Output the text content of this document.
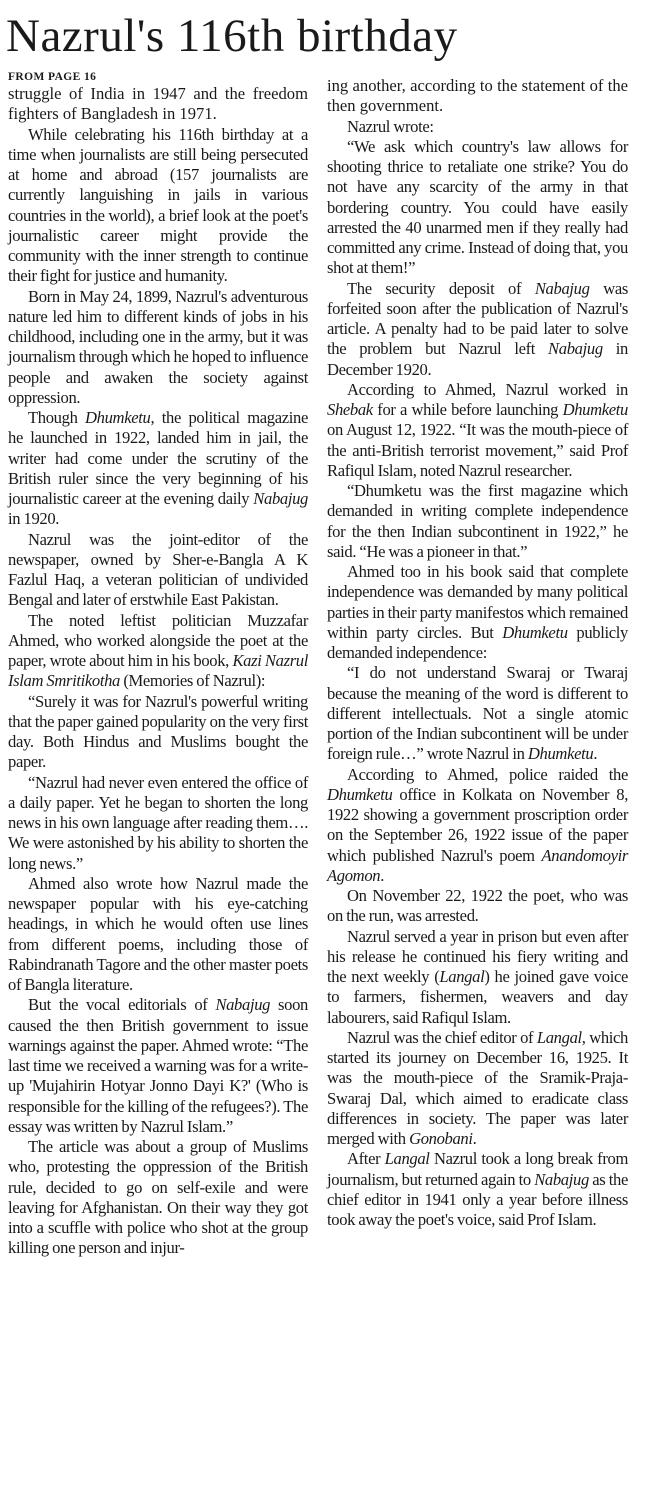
Nazrul's 116th birthday
FROM PAGE 16

struggle of India in 1947 and the freedom fighters of Bangladesh in 1971.

While celebrating his 116th birthday at a time when journalists are still being persecuted at home and abroad (157 journalists are currently languishing in jails in various countries in the world), a brief look at the poet's journalistic career might provide the community with the inner strength to continue their fight for justice and humanity.

Born in May 24, 1899, Nazrul's adventurous nature led him to different kinds of jobs in his childhood, including one in the army, but it was journalism through which he hoped to influence people and awaken the society against oppression.

Though Dhumketu, the political magazine he launched in 1922, landed him in jail, the writer had come under the scrutiny of the British ruler since the very beginning of his journalistic career at the evening daily Nabajug in 1920.

Nazrul was the joint-editor of the newspaper, owned by Sher-e-Bangla A K Fazlul Haq, a veteran politician of undivided Bengal and later of erstwhile East Pakistan.

The noted leftist politician Muzzafar Ahmed, who worked alongside the poet at the paper, wrote about him in his book, Kazi Nazrul Islam Smritikotha (Memories of Nazrul):

“Surely it was for Nazrul's powerful writing that the paper gained popularity on the very first day. Both Hindus and Muslims bought the paper.

“Nazrul had never even entered the office of a daily paper. Yet he began to shorten the long news in his own language after reading them…. We were astonished by his ability to shorten the long news.”

Ahmed also wrote how Nazrul made the newspaper popular with his eye-catching headings, in which he would often use lines from different poems, including those of Rabindranath Tagore and the other master poets of Bangla literature.

But the vocal editorials of Nabajug soon caused the then British government to issue warnings against the paper. Ahmed wrote: “The last time we received a warning was for a write-up 'Mujahirin Hotyar Jonno Dayi K?' (Who is responsible for the killing of the refugees?). The essay was written by Nazrul Islam.”

The article was about a group of Muslims who, protesting the oppression of the British rule, decided to go on self-exile and were leaving for Afghanistan. On their way they got into a scuffle with police who shot at the group killing one person and injur-

ing another, according to the statement of the then government.

Nazrul wrote:

“We ask which country's law allows for shooting thrice to retaliate one strike? You do not have any scarcity of the army in that bordering country. You could have easily arrested the 40 unarmed men if they really had committed any crime. Instead of doing that, you shot at them!”

The security deposit of Nabajug was forfeited soon after the publication of Nazrul's article. A penalty had to be paid later to solve the problem but Nazrul left Nabajug in December 1920.

According to Ahmed, Nazrul worked in Shebak for a while before launching Dhumketu on August 12, 1922. “It was the mouth-piece of the anti-British terrorist movement,” said Prof Rafiqul Islam, noted Nazrul researcher.

“Dhumketu was the first magazine which demanded in writing complete independence for the then Indian subcontinent in 1922,” he said. “He was a pioneer in that.”

Ahmed too in his book said that complete independence was demanded by many political parties in their party manifestos which remained within party circles. But Dhumketu publicly demanded independence:

“I do not understand Swaraj or Twaraj because the meaning of the word is different to different intellectuals. Not a single atomic portion of the Indian subcontinent will be under foreign rule…” wrote Nazrul in Dhumketu.

According to Ahmed, police raided the Dhumketu office in Kolkata on November 8, 1922 showing a government proscription order on the September 26, 1922 issue of the paper which published Nazrul's poem Anandomoyir Agomon.

On November 22, 1922 the poet, who was on the run, was arrested.

Nazrul served a year in prison but even after his release he continued his fiery writing and the next weekly (Langal) he joined gave voice to farmers, fishermen, weavers and day labourers, said Rafiqul Islam.

Nazrul was the chief editor of Langal, which started its journey on December 16, 1925. It was the mouth-piece of the Sramik-Praja-Swaraj Dal, which aimed to eradicate class differences in society. The paper was later merged with Gonobani.

After Langal Nazrul took a long break from journalism, but returned again to Nabajug as the chief editor in 1941 only a year before illness took away the poet's voice, said Prof Islam.
